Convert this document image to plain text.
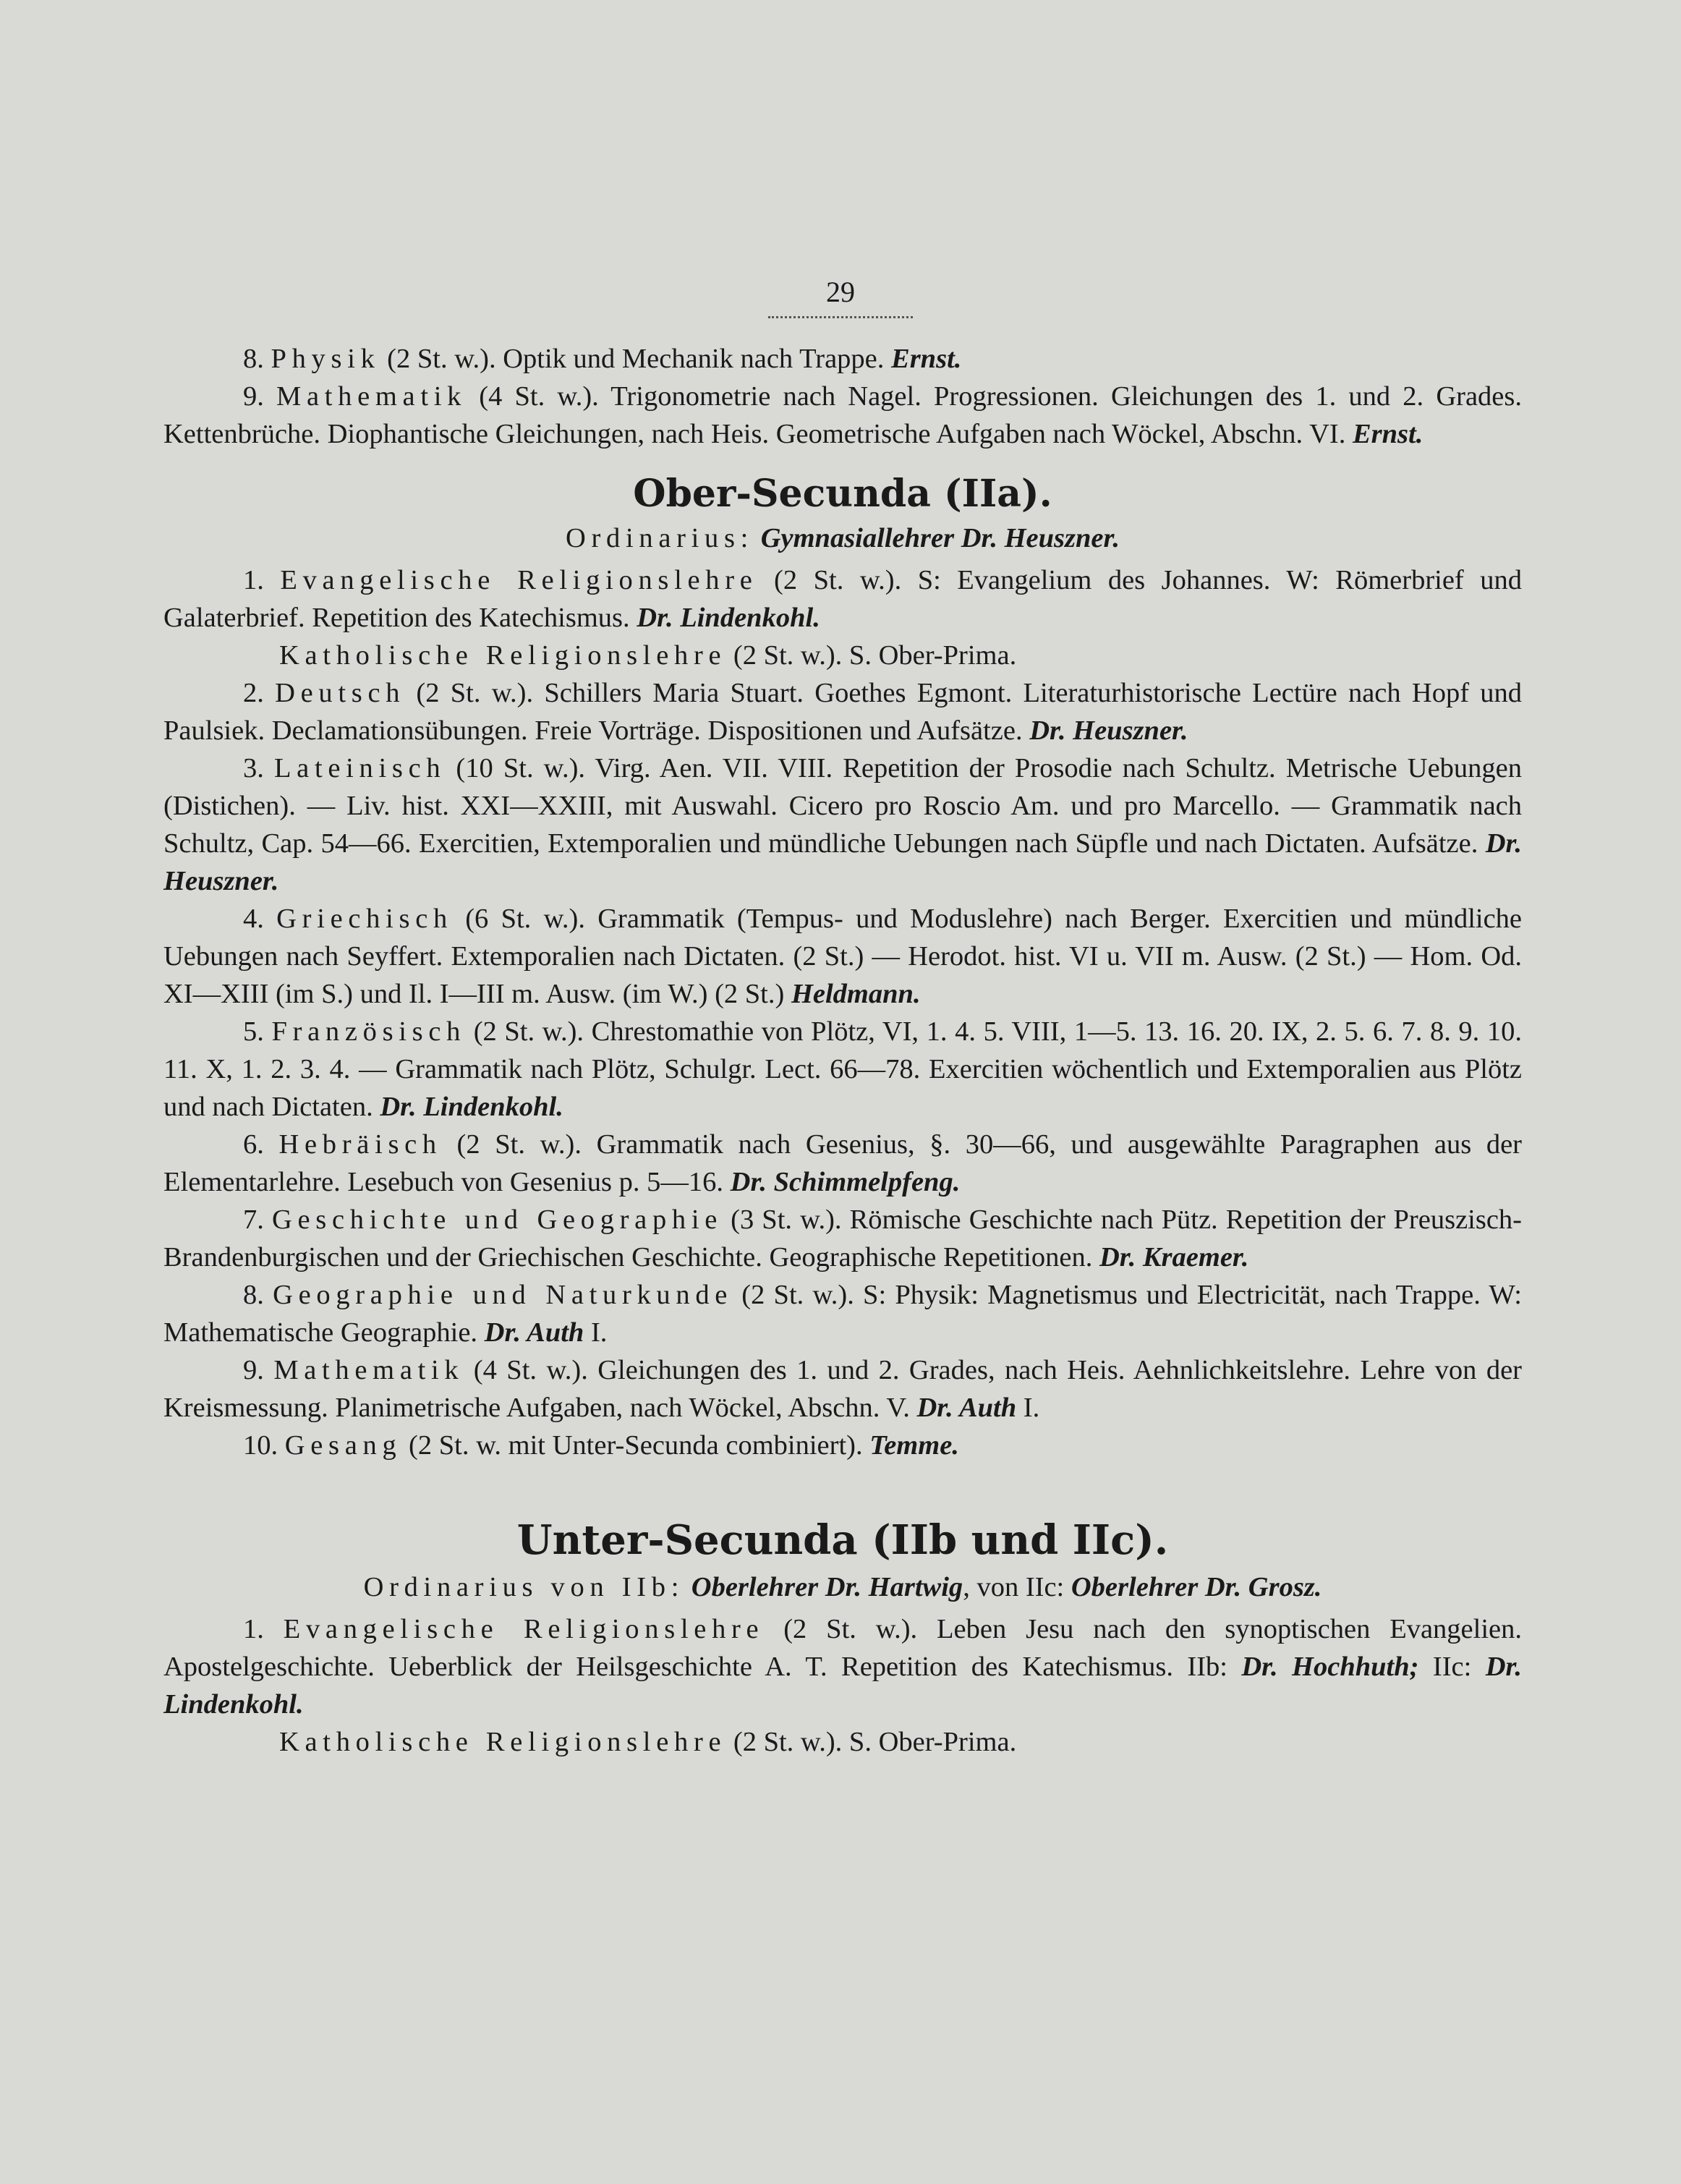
29

8. Physik (2 St. w.). Optik und Mechanik nach Trappe. Ernst.

9. Mathematik (4 St. w.). Trigonometrie nach Nagel. Progressionen. Gleichungen des 1. und 2. Grades. Kettenbrüche. Diophantische Gleichungen, nach Heis. Geometrische Aufgaben nach Wöckel, Abschn. VI. Ernst.

Ober-Secunda (IIa).

Ordinarius: Gymnasiallehrer Dr. Heuszner.

1. Evangelische Religionslehre (2 St. w.). S: Evangelium des Johannes. W: Römerbrief und Galaterbrief. Repetition des Katechismus. Dr. Lindenkohl.

Katholische Religionslehre (2 St. w.). S. Ober-Prima.

2. Deutsch (2 St. w.). Schillers Maria Stuart. Goethes Egmont. Literaturhistorische Lectüre nach Hopf und Paulsiek. Declamationsübungen. Freie Vorträge. Dispositionen und Aufsätze. Dr. Heuszner.

3. Lateinisch (10 St. w.). Virg. Aen. VII. VIII. Repetition der Prosodie nach Schultz. Metrische Uebungen (Distichen). — Liv. hist. XXI—XXIII, mit Auswahl. Cicero pro Roscio Am. und pro Marcello. — Grammatik nach Schultz, Cap. 54—66. Exercitien, Extemporalien und mündliche Uebungen nach Süpfle und nach Dictaten. Aufsätze. Dr. Heuszner.

4. Griechisch (6 St. w.). Grammatik (Tempus- und Moduslehre) nach Berger. Exercitien und mündliche Uebungen nach Seyffert. Extemporalien nach Dictaten. (2 St.) — Herodot. hist. VI u. VII m. Ausw. (2 St.) — Hom. Od. XI—XIII (im S.) und Il. I—III m. Ausw. (im W.) (2 St.) Heldmann.

5. Französisch (2 St. w.). Chrestomathie von Plötz, VI, 1. 4. 5. VIII, 1—5. 13. 16. 20. IX, 2. 5. 6. 7. 8. 9. 10. 11. X, 1. 2. 3. 4. — Grammatik nach Plötz, Schulgr. Lect. 66—78. Exercitien wöchentlich und Extemporalien aus Plötz und nach Dictaten. Dr. Lindenkohl.

6. Hebräisch (2 St. w.). Grammatik nach Gesenius, §. 30—66, und ausgewählte Paragraphen aus der Elementarlehre. Lesebuch von Gesenius p. 5—16. Dr. Schimmelpfeng.

7. Geschichte und Geographie (3 St. w.). Römische Geschichte nach Pütz. Repetition der Preuszisch-Brandenburgischen und der Griechischen Geschichte. Geographische Repetitionen. Dr. Kraemer.

8. Geographie und Naturkunde (2 St. w.). S: Physik: Magnetismus und Electricität, nach Trappe. W: Mathematische Geographie. Dr. Auth I.

9. Mathematik (4 St. w.). Gleichungen des 1. und 2. Grades, nach Heis. Aehnlichkeitslehre. Lehre von der Kreismessung. Planimetrische Aufgaben, nach Wöckel, Abschn. V. Dr. Auth I.

10. Gesang (2 St. w. mit Unter-Secunda combiniert). Temme.

Unter-Secunda (IIb und IIc).

Ordinarius von IIb: Oberlehrer Dr. Hartwig, von IIc: Oberlehrer Dr. Grosz.

1. Evangelische Religionslehre (2 St. w.). Leben Jesu nach den synoptischen Evangelien. Apostelgeschichte. Ueberblick der Heilsgeschichte A. T. Repetition des Katechismus. IIb: Dr. Hochhuth; IIc: Dr. Lindenkohl.

Katholische Religionslehre (2 St. w.). S. Ober-Prima.
